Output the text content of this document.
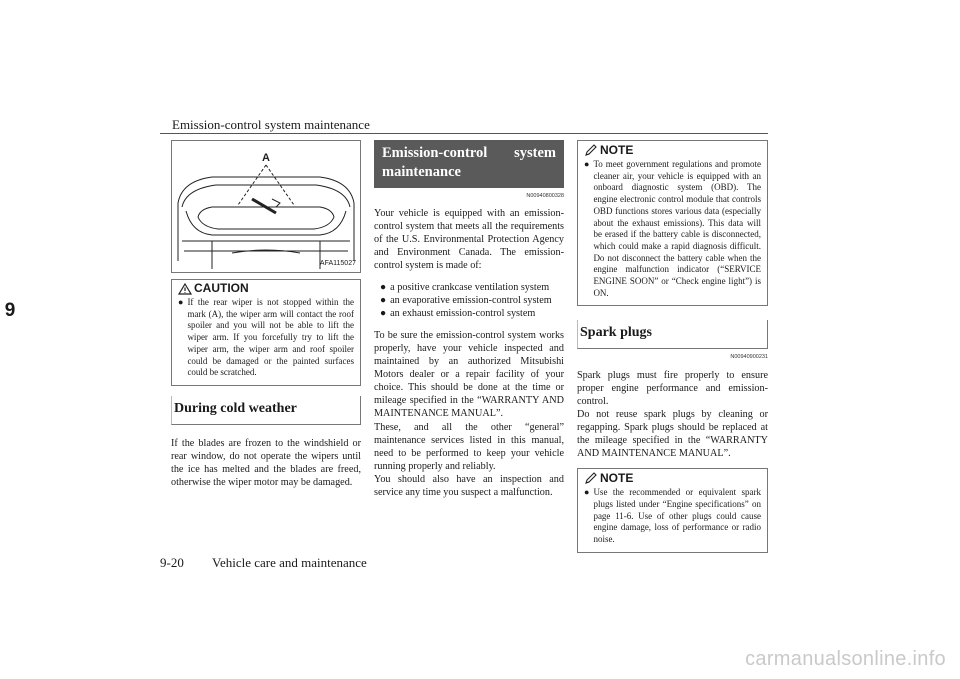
Emission-control system maintenance
9
A
AFA115027
CAUTION
● If the rear wiper is not stopped within the mark (A), the wiper arm will contact the roof spoiler and you will not be able to lift the wiper arm. If you forcefully try to lift the wiper arm, the wiper arm and roof spoiler could be damaged or the painted surfaces could be scratched.
During cold weather

If the blades are frozen to the windshield or rear window, do not operate the wipers until the ice has melted and the blades are freed, otherwise the wiper motor may be damaged.

Emission-control system maintenance
N00940800328

Your vehicle is equipped with an emission-control system that meets all the requirements of the U.S. Environmental Protection Agency and Environment Canada. The emission-control system is made of:

● a positive crankcase ventilation system
● an evaporative emission-control system
● an exhaust emission-control system

To be sure the emission-control system works properly, have your vehicle inspected and maintained by an authorized Mitsubishi Motors dealer or a repair facility of your choice. This should be done at the time or mileage specified in the “WARRANTY AND MAINTENANCE MANUAL”.

These, and all the other “general” maintenance services listed in this manual, need to be performed to keep your vehicle running properly and reliably.

You should also have an inspection and service any time you suspect a malfunction.

NOTE
● To meet government regulations and promote cleaner air, your vehicle is equipped with an onboard diagnostic system (OBD). The engine electronic control module that controls OBD functions stores various data (especially about the exhaust emissions). This data will be erased if the battery cable is disconnected, which could make a rapid diagnosis difficult. Do not disconnect the battery cable when the engine malfunction indicator (“SERVICE ENGINE SOON” or “Check engine light”) is ON.
Spark plugs
N00940900231

Spark plugs must fire properly to ensure proper engine performance and emission-control.

Do not reuse spark plugs by cleaning or regapping. Spark plugs should be replaced at the mileage specified in the “WARRANTY AND MAINTENANCE MANUAL”.

NOTE
● Use the recommended or equivalent spark plugs listed under “Engine specifications” on page 11-6. Use of other plugs could cause engine damage, loss of performance or radio noise.
9-20 Vehicle care and maintenance
carmanualsonline.info
